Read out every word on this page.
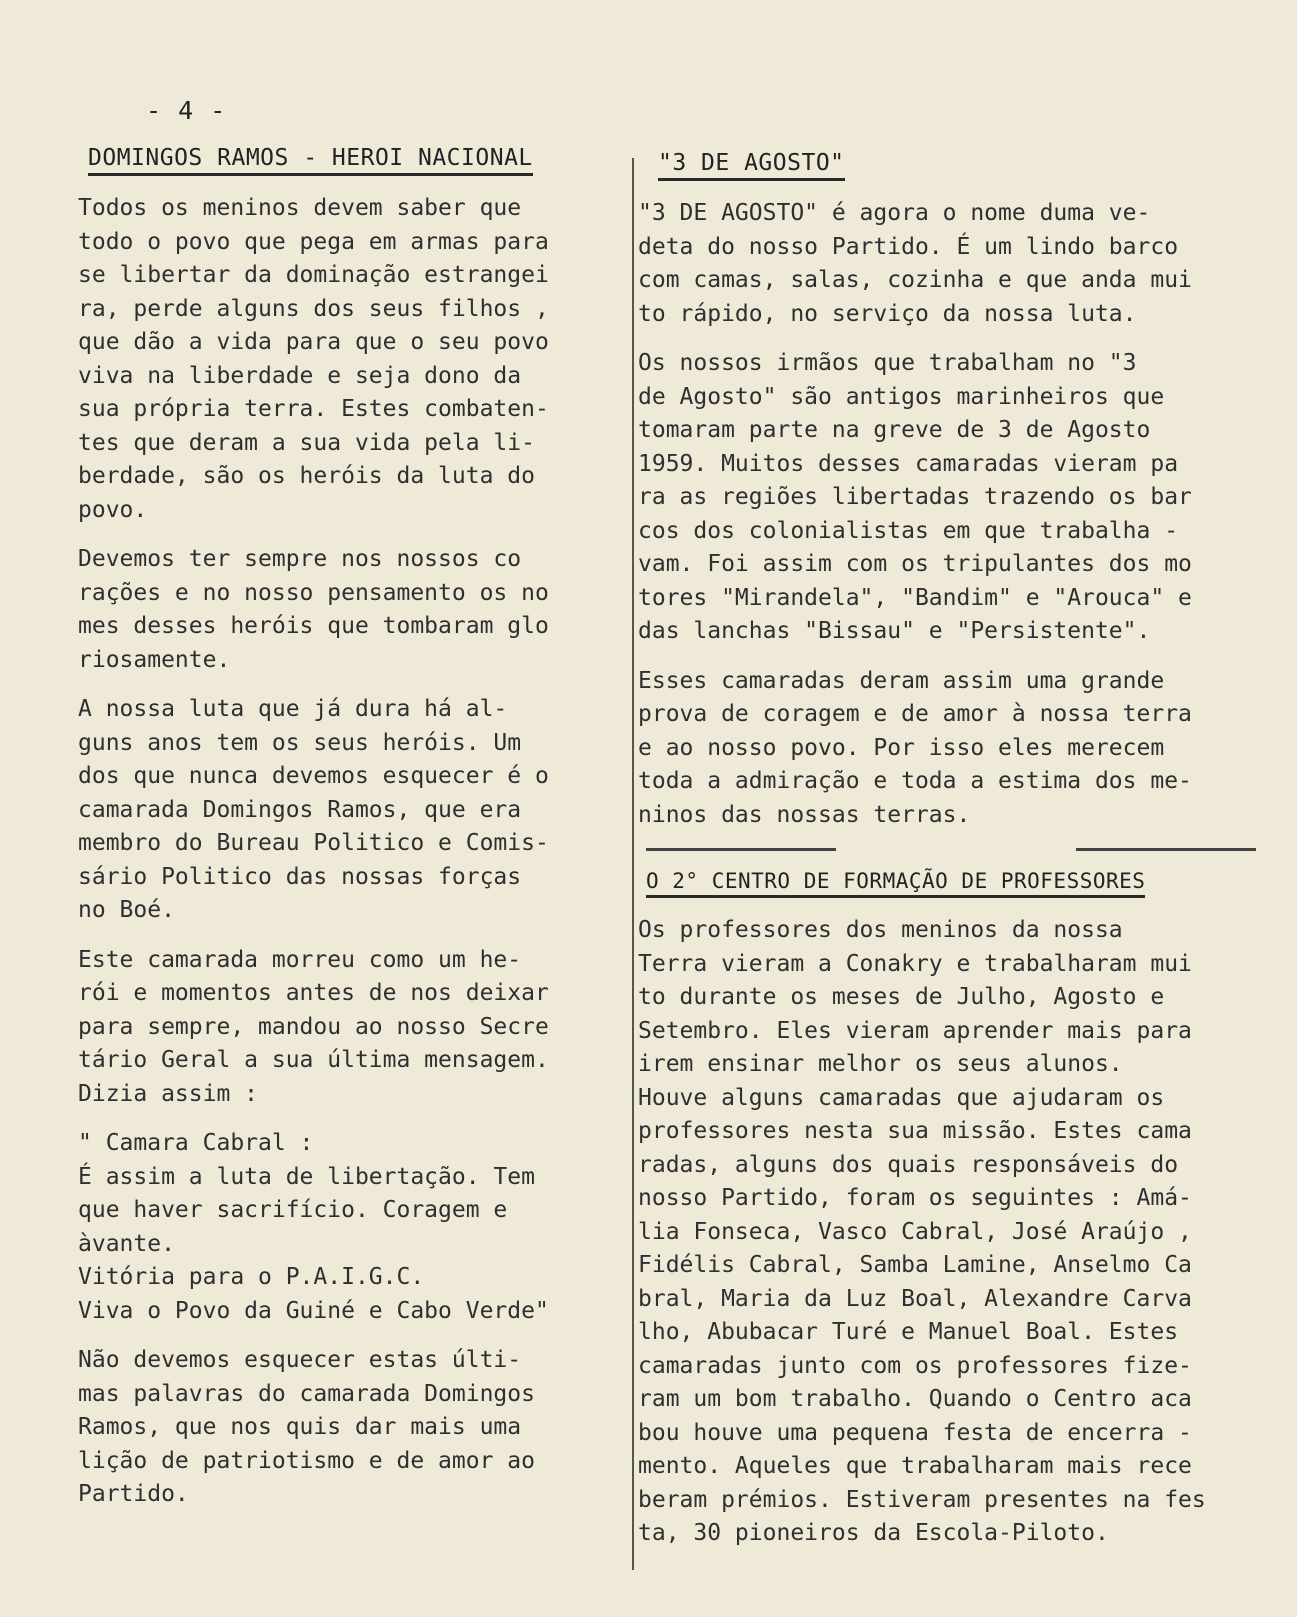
- 4 -
DOMINGOS RAMOS - HEROI NACIONAL

Todos os meninos devem saber que
todo o povo que pega em armas para
se libertar da dominação estrangei
ra, perde alguns dos seus filhos ,
que dão a vida para que o seu povo
viva na liberdade e seja dono da
sua própria terra. Estes combaten-
tes que deram a sua vida pela li-
berdade, são os heróis da luta do
povo.

Devemos ter sempre nos nossos co
rações e no nosso pensamento os no
mes desses heróis que tombaram glo
riosamente.

A nossa luta que já dura há al-
guns anos tem os seus heróis. Um
dos que nunca devemos esquecer é o
camarada Domingos Ramos, que era
membro do Bureau Politico e Comis-
sário Politico das nossas forças
no Boé.

Este camarada morreu como um he-
rói e momentos antes de nos deixar
para sempre, mandou ao nosso Secre
tário Geral a sua última mensagem.
Dizia assim :

" Camara Cabral :
É assim a luta de libertação. Tem
que haver sacrifício. Coragem e
àvante.
Vitória para o P.A.I.G.C.
Viva o Povo da Guiné e Cabo Verde"

Não devemos esquecer estas últi-
mas palavras do camarada Domingos
Ramos, que nos quis dar mais uma
lição de patriotismo e de amor ao
Partido.

"3 DE AGOSTO"

"3 DE AGOSTO" é agora o nome duma ve-
deta do nosso Partido. É um lindo barco
com camas, salas, cozinha e que anda mui
to rápido, no serviço da nossa luta.

Os nossos irmãos que trabalham no "3
de Agosto" são antigos marinheiros que
tomaram parte na greve de 3 de Agosto
1959. Muitos desses camaradas vieram pa
ra as regiões libertadas trazendo os bar
cos dos colonialistas em que trabalha -
vam. Foi assim com os tripulantes dos mo
tores "Mirandela", "Bandim" e "Arouca" e
das lanchas "Bissau" e "Persistente".

Esses camaradas deram assim uma grande
prova de coragem e de amor à nossa terra
e ao nosso povo. Por isso eles merecem
toda a admiração e toda a estima dos me-
ninos das nossas terras.

O 2° CENTRO DE FORMAÇÃO DE PROFESSORES

Os professores dos meninos da nossa
Terra vieram a Conakry e trabalharam mui
to durante os meses de Julho, Agosto e
Setembro. Eles vieram aprender mais para
irem ensinar melhor os seus alunos.
Houve alguns camaradas que ajudaram os
professores nesta sua missão. Estes cama
radas, alguns dos quais responsáveis do
nosso Partido, foram os seguintes : Amá-
lia Fonseca, Vasco Cabral, José Araújo ,
Fidélis Cabral, Samba Lamine, Anselmo Ca
bral, Maria da Luz Boal, Alexandre Carva
lho, Abubacar Turé e Manuel Boal. Estes
camaradas junto com os professores fize-
ram um bom trabalho. Quando o Centro aca
bou houve uma pequena festa de encerra -
mento. Aqueles que trabalharam mais rece
beram prémios. Estiveram presentes na fes
ta, 30 pioneiros da Escola-Piloto.
